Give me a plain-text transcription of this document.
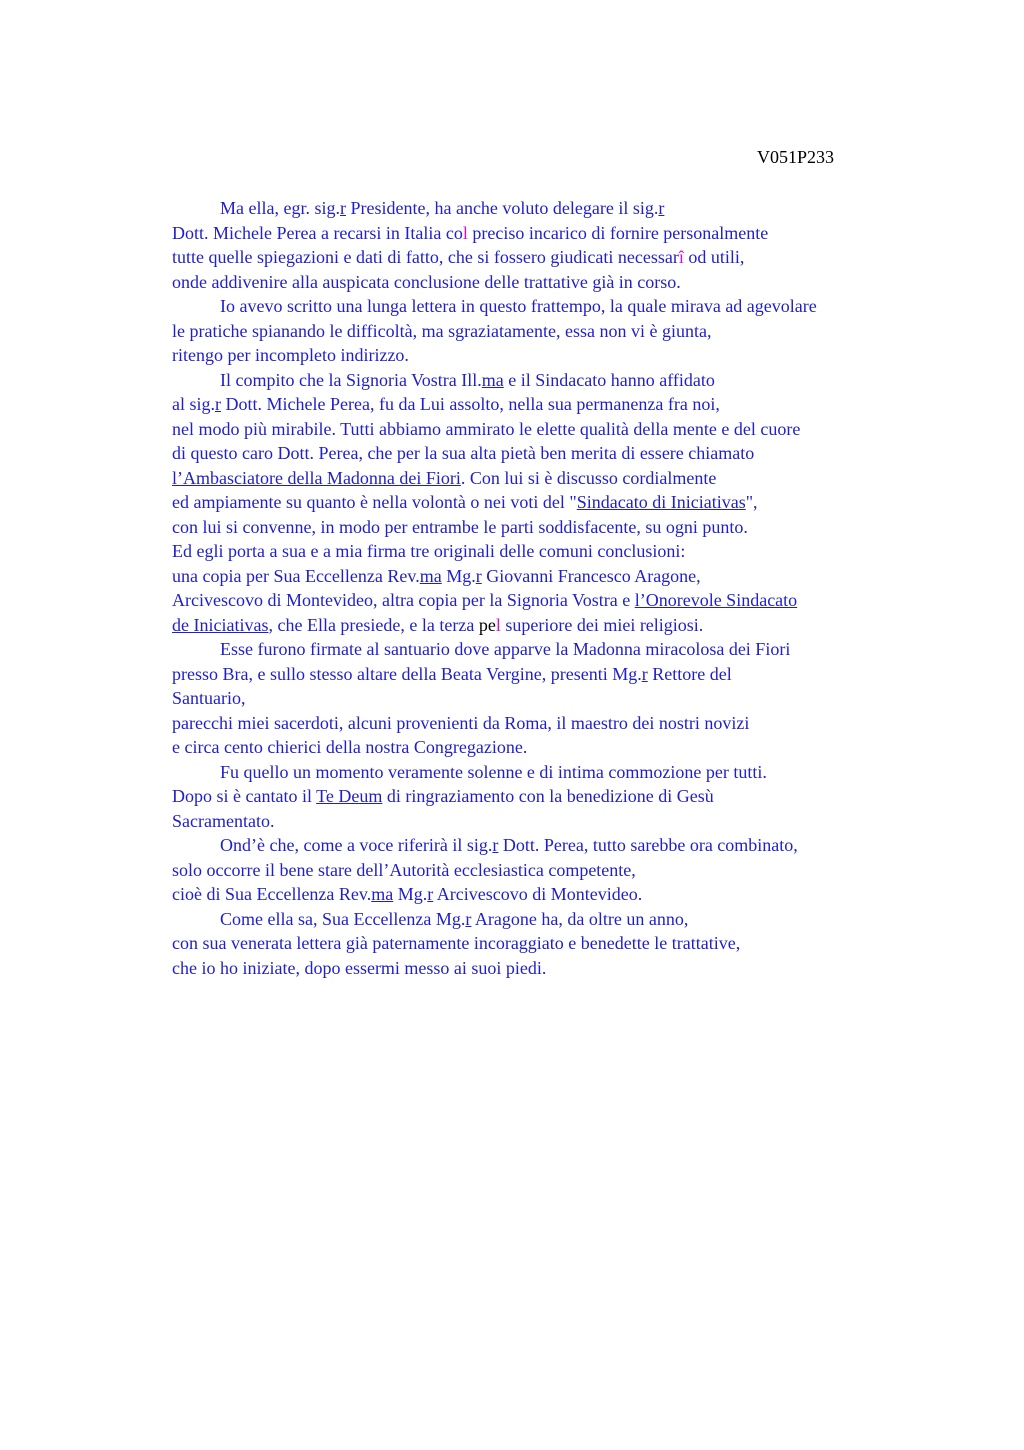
V051P233
Ma ella, egr. sig.r Presidente, ha anche voluto delegare il sig.r
Dott. Michele Perea a recarsi in Italia col preciso incarico di fornire personalmente
tutte quelle spiegazioni e dati di fatto, che si fossero giudicati necessarî od utili,
onde addivenire alla auspicata conclusione delle trattative già in corso.
Io avevo scritto una lunga lettera in questo frattempo, la quale mirava ad agevolare
le pratiche spianando le difficoltà, ma sgraziatamente, essa non vi è giunta,
ritengo per incompleto indirizzo.
Il compito che la Signoria Vostra Ill.ma e il Sindacato hanno affidato
al sig.r Dott. Michele Perea, fu da Lui assolto, nella sua permanenza fra noi,
nel modo più mirabile. Tutti abbiamo ammirato le elette qualità della mente e del cuore
di questo caro Dott. Perea, che per la sua alta pietà ben merita di essere chiamato
l’Ambasciatore della Madonna dei Fiori. Con lui si è discusso cordialmente
ed ampiamente su quanto è nella volontà o nei voti del "Sindacato di Iniciativas",
con lui si convenne, in modo per entrambe le parti soddisfacente, su ogni punto.
Ed egli porta a sua e a mia firma tre originali delle comuni conclusioni:
una copia per Sua Eccellenza Rev.ma Mg.r Giovanni Francesco Aragone,
Arcivescovo di Montevideo, altra copia per la Signoria Vostra e l’Onorevole Sindacato
de Iniciativas, che Ella presiede, e la terza pel superiore dei miei religiosi.
Esse furono firmate al santuario dove apparve la Madonna miracolosa dei Fiori
presso Bra, e sullo stesso altare della Beata Vergine, presenti Mg.r Rettore del
Santuario,
parecchi miei sacerdoti, alcuni provenienti da Roma, il maestro dei nostri novizi
e circa cento chierici della nostra Congregazione.
Fu quello un momento veramente solenne e di intima commozione per tutti.
Dopo si è cantato il Te Deum di ringraziamento con la benedizione di Gesù
Sacramentato.
Ond’è che, come a voce riferirà il sig.r Dott. Perea, tutto sarebbe ora combinato,
solo occorre il bene stare dell’Autorità ecclesiastica competente,
cioè di Sua Eccellenza Rev.ma Mg.r Arcivescovo di Montevideo.
Come ella sa, Sua Eccellenza Mg.r Aragone ha, da oltre un anno,
con sua venerata lettera già paternamente incoraggiato e benedette le trattative,
che io ho iniziate, dopo essermi messo ai suoi piedi.
